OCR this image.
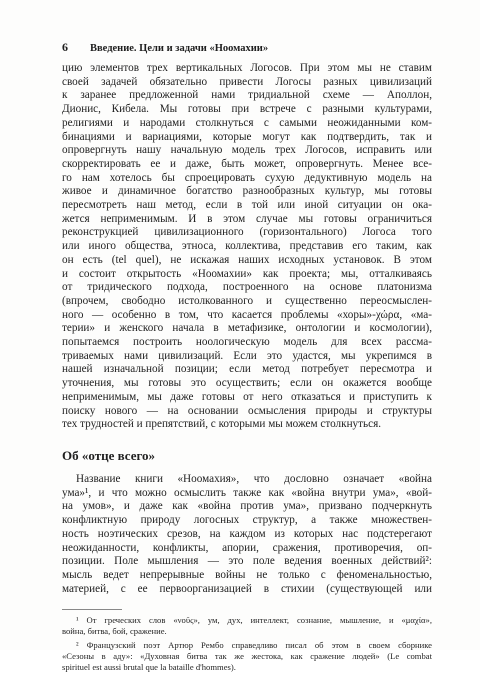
6 Введение. Цели и задачи «Ноомахии»
цию элементов трех вертикальных Логосов. При этом мы не ставим
своей задачей обязательно привести Логосы разных цивилизаций
к заранее предложенной нами тридиальной схеме — Аполлон,
Дионис, Кибела. Мы готовы при встрече с разными культурами,
религиями и народами столкнуться с самыми неожиданными ком-
бинациями и вариациями, которые могут как подтвердить, так и
опровергнуть нашу начальную модель трех Логосов, исправить или
скорректировать ее и даже, быть может, опровергнуть. Менее все-
го нам хотелось бы спроецировать сухую дедуктивную модель на
живое и динамичное богатство разнообразных культур, мы готовы
пересмотреть наш метод, если в той или иной ситуации он ока-
жется неприменимым. И в этом случае мы готовы ограничиться
реконструкцией цивилизационного (горизонтального) Логоса того
или иного общества, этноса, коллектива, представив его таким, как
он есть (tel quel), не искажая наших исходных установок. В этом
и состоит открытость «Ноомахии» как проекта; мы, отталкиваясь
от тридического подхода, построенного на основе платонизма
(впрочем, свободно истолкованного и существенно переосмыслен-
ного — особенно в том, что касается проблемы «хоры»-χώρα, «ма-
терии» и женского начала в метафизике, онтологии и космологии),
попытаемся построить ноологическую модель для всех рассма-
триваемых нами цивилизаций. Если это удастся, мы укрепимся в
нашей изначальной позиции; если метод потребует пересмотра и
уточнения, мы готовы это осуществить; если он окажется вообще
неприменимым, мы даже готовы от него отказаться и приступить к
поиску нового — на основании осмысления природы и структуры
тех трудностей и препятствий, с которыми мы можем столкнуться.
Об «отце всего»
Название книги «Ноомахия», что дословно означает «война
ума»¹, и что можно осмыслить также как «война внутри ума», «вой-
на умов», и даже как «война против ума», призвано подчеркнуть
конфликтную природу логосных структур, а также множествен-
ность ноэтических срезов, на каждом из которых нас подстерегают
неожиданности, конфликты, апории, сражения, противоречия, оп-
позиции. Поле мышления — это поле ведения военных действий²:
мысль ведет непрерывные войны не только с феноменальностью,
материей, с ее первоорганизацией в стихии (существующей или
¹ От греческих слов «νοῦς», ум, дух, интеллект, сознание, мышление, и «μαχία»,
война, битва, бой, сражение.
² Французский поэт Артюр Рембо справедливо писал об этом в своем сборнике
«Сезоны в аду»: «Духовная битва так же жестока, как сражение людей» (Le combat
spirituel est aussi brutal que la bataille d'hommes).
